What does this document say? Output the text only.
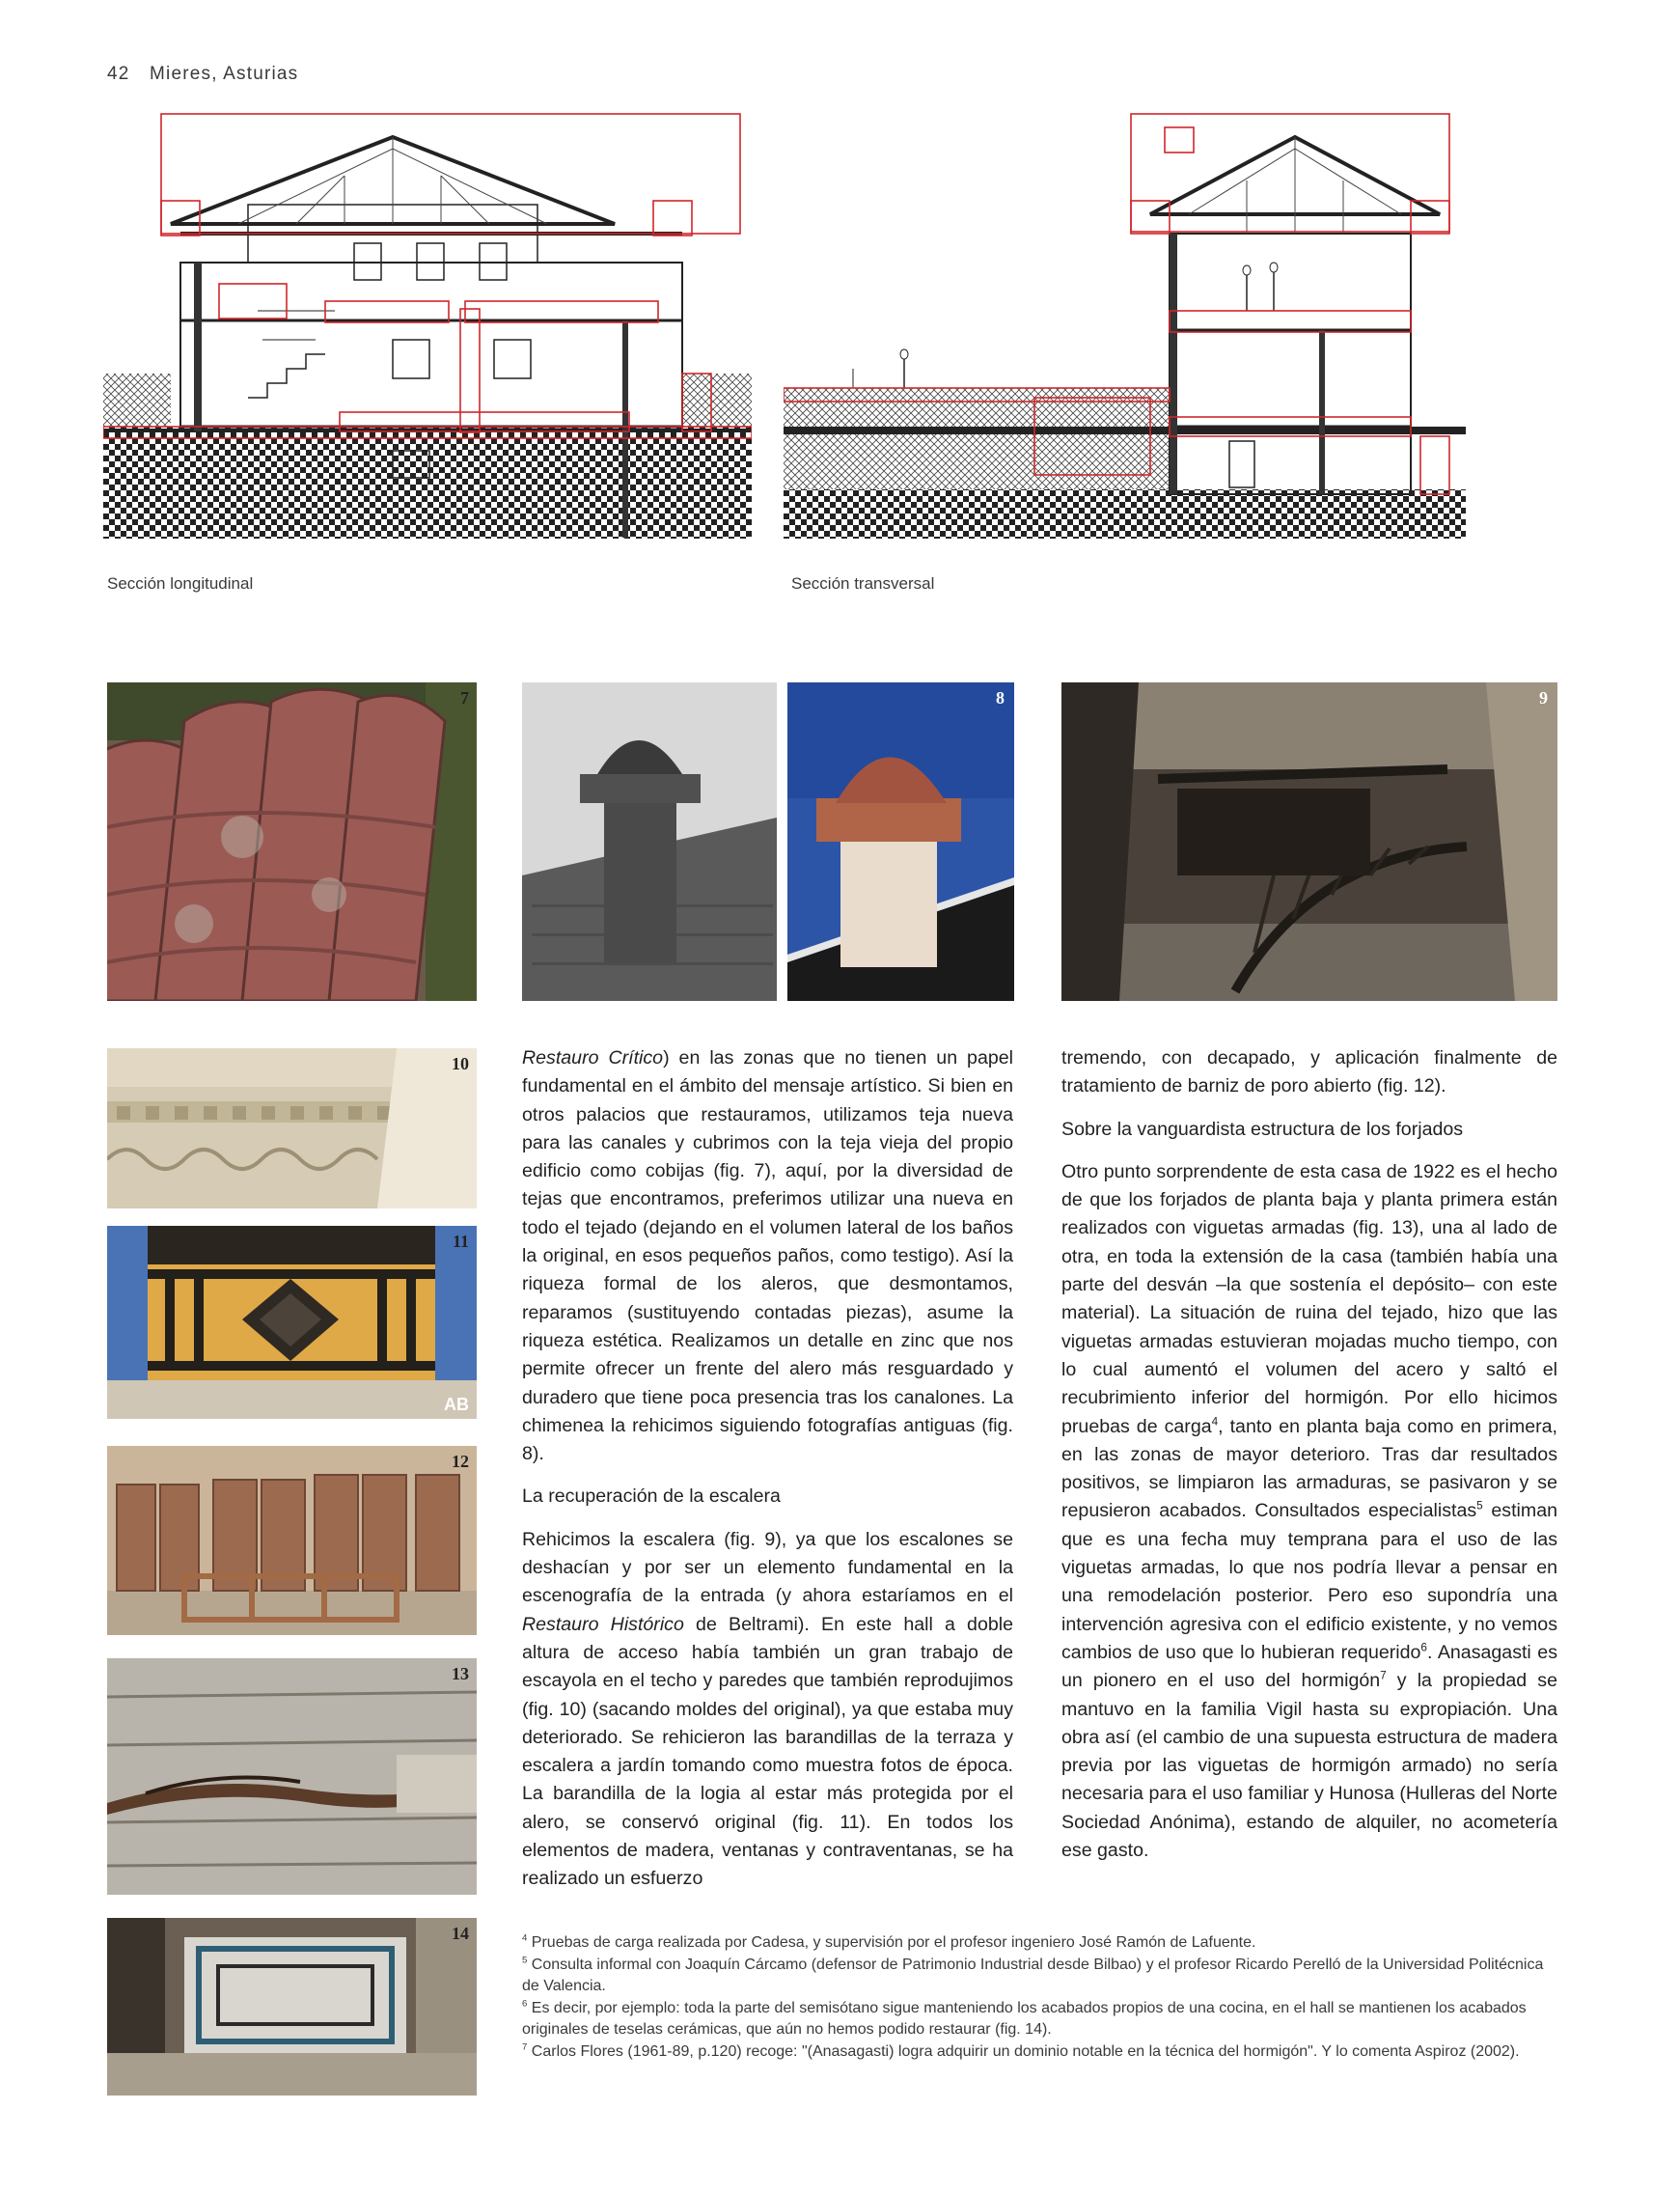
42 Mieres, Asturias
Sección longitudinal	Sección transversal
7	8	9
10
11
AB
12
13
14

Restauro Crítico) en las zonas que no tienen un papel fundamental en el ámbito del mensaje artístico. Si bien en otros palacios que restauramos, utilizamos teja nueva para las canales y cubrimos con la teja vieja del propio edificio como cobijas (fig. 7), aquí, por la diversidad de tejas que encontramos, preferimos utilizar una nueva en todo el tejado (dejando en el volumen lateral de los baños la original, en esos pequeños paños, como testigo). Así la riqueza formal de los aleros, que desmontamos, reparamos (sustituyendo contadas piezas), asume la riqueza estética. Realizamos un detalle en zinc que nos permite ofrecer un frente del alero más resguardado y duradero que tiene poca presencia tras los canalones. La chimenea la rehicimos siguiendo fotografías antiguas (fig. 8).

La recuperación de la escalera

Rehicimos la escalera (fig. 9), ya que los escalones se deshacían y por ser un elemento fundamental en la escenografía de la entrada (y ahora estaríamos en el Restauro Histórico de Beltrami). En este hall a doble altura de acceso había también un gran trabajo de escayola en el techo y paredes que también reprodujimos (fig. 10) (sacando moldes del original), ya que estaba muy deteriorado. Se rehicieron las barandillas de la terraza y escalera a jardín tomando como muestra fotos de época. La barandilla de la logia al estar más protegida por el alero, se conservó original (fig. 11). En todos los elementos de madera, ventanas y contraventanas, se ha realizado un esfuerzo

tremendo, con decapado, y aplicación finalmente de tratamiento de barniz de poro abierto (fig. 12).

Sobre la vanguardista estructura de los forjados

Otro punto sorprendente de esta casa de 1922 es el hecho de que los forjados de planta baja y planta primera están realizados con viguetas armadas (fig. 13), una al lado de otra, en toda la extensión de la casa (también había una parte del desván –la que sostenía el depósito– con este material). La situación de ruina del tejado, hizo que las viguetas armadas estuvieran mojadas mucho tiempo, con lo cual aumentó el volumen del acero y saltó el recubrimiento inferior del hormigón. Por ello hicimos pruebas de carga$^4$, tanto en planta baja como en primera, en las zonas de mayor deterioro. Tras dar resultados positivos, se limpiaron las armaduras, se pasivaron y se repusieron acabados. Consultados especialistas$^5$ estiman que es una fecha muy temprana para el uso de las viguetas armadas, lo que nos podría llevar a pensar en una remodelación posterior. Pero eso supondría una intervención agresiva con el edificio existente, y no vemos cambios de uso que lo hubieran requerido$^6$. Anasagasti es un pionero en el uso del hormigón$^7$ y la propiedad se mantuvo en la familia Vigil hasta su expropiación. Una obra así (el cambio de una supuesta estructura de madera previa por las viguetas de hormigón armado) no sería necesaria para el uso familiar y Hunosa (Hulleras del Norte Sociedad Anónima), estando de alquiler, no acometería ese gasto.

$^4$ Pruebas de carga realizada por Cadesa, y supervisión por el profesor ingeniero José Ramón de Lafuente.

$^5$ Consulta informal con Joaquín Cárcamo (defensor de Patrimonio Industrial desde Bilbao) y el profesor Ricardo Perelló de la Universidad Politécnica de Valencia.

$^6$ Es decir, por ejemplo: toda la parte del semisótano sigue manteniendo los acabados propios de una cocina, en el hall se mantienen los acabados originales de teselas cerámicas, que aún no hemos podido restaurar (fig. 14).

$^7$ Carlos Flores (1961-89, p.120) recoge: "(Anasagasti) logra adquirir un dominio notable en la técnica del hormigón". Y lo comenta Aspiroz (2002).
